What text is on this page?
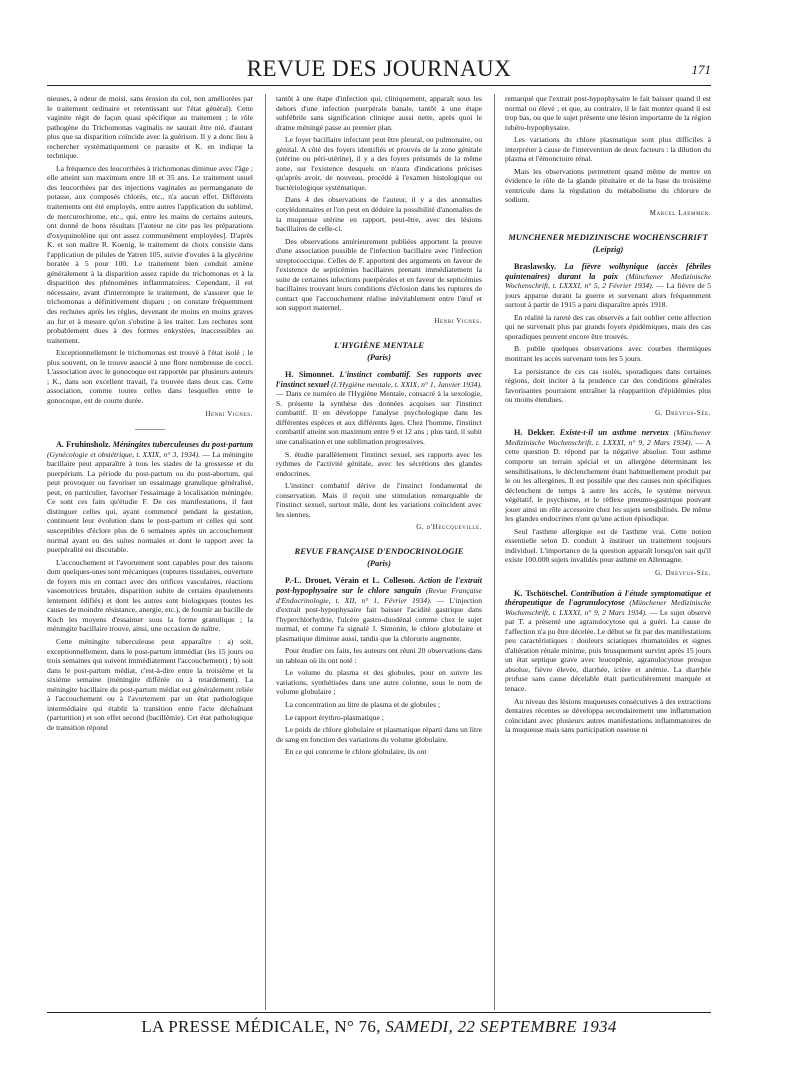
REVUE DES JOURNAUX	171

nieuses, à odeur de moisi, sans érosion du col, non améliorées par le traitement ordinaire et retentissant sur l'état général). Cette vaginite régit de façon quasi spécifique au traitement ; le rôle pathogène du Trichomonas vaginalis ne saurait être nié, d'autant plus que sa disparition coïncide avec la guérison. Il y a donc lieu à rechercher systématiquement ce parasite et K. en indique la technique.

La fréquence des leucorrhées à trichomonas diminue avec l'âge ; elle atteint son maximum entre 18 et 35 ans. Le traitement usuel des leucorrhées par des injections vaginales au permanganate de potasse, aux composés chlorés, etc., n'a aucun effet. Différents traitements ont été employés, entre autres l'application du sublimé, de mercurochrome, etc., qui, entre les mains de certains auteurs, ont donné de bons résultats [l'auteur ne cite pas les préparations d'oxyquinoléine qui ont assez communément employées]. D'après K. et son maître R. Koenig, le traitement de choix consiste dans l'application de pilules de Yatren 105, suivie d'ovules à la glycérine boratée à 5 pour 100. Le traitement bien conduit amène généralement à la disparition assez rapide du trichomonas et à la disparition des phénomènes inflammatoires. Cependant, il est nécessaire, avant d'interrompre le traitement, de s'assurer que le trichomonas a définitivement disparu ; on constate fréquemment des rechutes après les règles, devenant de moins en moins graves au fur et à mesure qu'on s'obstine à les traiter. Les rechutes sont probablement dues à des formes enkystées, inaccessibles au traitement.

Exceptionnellement le trichomonas est trouvé à l'état isolé ; le plus souvent, on le trouve associé à une flore nombreuse de cocci. L'association avec le gonocoque est rapportée par plusieurs auteurs ; K., dans son excellent travail, l'a trouvée dans deux cas. Cette association, comme toutes celles dans lesquelles entre le gonocoque, est de courte durée.

Henri Vignes.

A. Fruhinsholz. Méningites tuberculeuses du post-partum (Gynécologie et obstétrique, t. XXIX, n° 3, 1934). — La méningite bacillaire peut apparaître à tous les stades de la grossesse et du puerpérium. La période du post-partum ou du post-abortum, qui peut provoquer ou favoriser un essaimage granulique généralisé, peut, en particulier, favoriser l'essaimage à localisation méningée. Ce sont ces faits qu'étudie F. De ces manifestations, il faut distinguer celles qui, ayant commencé pendant la gestation, continuent leur évolution dans le post-partum et celles qui sont susceptibles d'éclore plus de 6 semaines après un accouchement normal ayant eu des suites normales et dont le rapport avec la puerpéralité est discutable.

L'accouchement et l'avortement sont capables pour des raisons dont quelques-unes sont mécaniques (ruptures tissulaires, ouverture de foyers mis en contact avec des orifices vasculaires, réactions vasomotrices brutales, disparition subite de certains épaulements lentement édifiés) et dont les autres sont biologiques (toutes les causes de moindre résistance, anergie, etc.), de fournir au bacille de Koch les moyens d'essaimer sous la forme granulique ; la méningite bacillaire trouve, ainsi, une occasion de naître.

Cette méningite tuberculeuse peut apparaître : a) soit, exceptionnellement, dans le post-partum immédiat (les 15 jours ou trois semaines qui suivent immédiatement l'accouchement) ; b) soit dans le post-partum médiat, c'est-à-dire entre la troisième et la sixième semaine (méningite différée ou à retardement). La méningite bacillaire du post-partum médiat est généralement reliée à l'accouchement ou à l'avortement par un état pathologique intermédiaire qui établit la transition entre l'acte déchaînant (parturition) et son effet second (bacillémie). Cet état pathologique de transition répond

tantôt à une étape d'infection qui, cliniquement, apparaît sous les dehors d'une infection puerpérale banale, tantôt à une étape subfébrile sans signification clinique aussi nette, après quoi le drame méningé passe au premier plan.

Le foyer bacillaire infectant peut être pleural, ou pulmonaire, ou génital. A côté des foyers identifiés et prouvés de la zone génitale (utérine ou péri-utérine), il y a des foyers présumés de la même zone, sur l'existence desquels on n'aura d'indications précises qu'après avoir, de nouveau, procédé à l'examen histologique ou bactériologique systématique.

Dans 4 des observations de l'auteur, il y a des anomalies cotylédonnaires et l'on peut en déduire la possibilité d'anomalies de la muqueuse utérine en rapport, peut-être, avec des lésions bacillaires de celle-ci.

Des observations antérieurement publiées apportent la preuve d'une association possible de l'infection bacillaire avec l'infection streptococcique. Celles de F. apportent des arguments en faveur de l'existence de septicémies bacillaires prenant immédiatement la suite de certaines infections puerpérales et en faveur de septicémies bacillaires trouvant leurs conditions d'éclosion dans les ruptures de contact que l'accouchement réalise inévitablement entre l'œuf et son support maternel.

Henri Vignes.
L'HYGIÈNE MENTALE
(Paris)

H. Simonnet. L'instinct combattif. Ses rapports avec l'instinct sexuel (L'Hygiène mentale, t. XXIX, n° 1, Janvier 1934). — Dans ce numéro de l'Hygiène Mentale, consacré à la sexologie, S. présente la synthèse des données acquises sur l'instinct combattif. Il en développe l'analyse psychologique dans les différentes espèces et aux différents âges. Chez l'homme, l'instinct combattif atteint son maximum entre 9 et 12 ans ; plus tard, il subit une canalisation et une sublimation progressives.

S. étudie parallèlement l'instinct sexuel, ses rapports avec les rythmes de l'activité génitale, avec les sécrétions des glandes endocrines.

L'instinct combattif dérive de l'instinct fondamental de conservation. Mais il reçoit une stimulation remarquable de l'instinct sexuel, surtout mâle, dont les variations coïncident avec les siennes.

G. d'Heucqueville.
REVUE FRANÇAISE D'ENDOCRINOLOGIE
(Paris)

P.-L. Drouet, Vérain et L. Colleson. Action de l'extrait post-hypophysaire sur le chlore sanguin (Revue Française d'Endocrinologie, t. XII, n° 1, Février 1934). — L'injection d'extrait post-hypophysaire fait baisser l'acidité gastrique dans l'hyperchlorhydrie, l'ulcère gastro-duodénal comme chez le sujet normal, et comme l'a signalé J. Simonin, le chlore globulaire et plasmatique diminue aussi, tandis que la chlorurie augmente.

Pour étudier ces faits, les auteurs ont réuni 20 observations dans un tableau où ils ont noté :

Le volume du plasma et des globules, pour en suivre les variations, synthétisées dans une autre colonne, sous le nom de volume globulaire ;

La concentration au litre de plasma et de globules ;

Le rapport érythro-plasmatique ;

Le poids de chlore globulaire et plasmatique réparti dans un litre de sang en fonction des variations du volume globulaire.

En ce qui concerne le chlore globulaire, ils ont

remarqué que l'extrait post-hypophysaire le fait baisser quand il est normal ou élevé ; et que, au contraire, il le fait monter quand il est trop bas, ou que le sujet présente une lésion importante de la région tubéro-hypophysaire.

Les variations du chlore plasmatique sont plus difficiles à interpréter à cause de l'intervention de deux facteurs : la dilution du plasma et l'émonctoire rénal.

Mais les observations permettent quand même de mettre en évidence le rôle de la glande pituitaire et de la base du troisième ventricule dans la régulation du métabolisme du chlorure de sodium.

Marcel Laemmer.
MUNCHENER MEDIZINISCHE WOCHENSCHRIFT
(Leipzig)

Braslawsky. La fièvre wolhynique (accès fébriles quintenaires) durant la paix (Münchener Medizinische Wochenschrift, t. LXXXI, n° 5, 2 Février 1934). — La fièvre de 5 jours apparue durant la guerre et survenant alors fréquemment surtout à partir de 1915 a paru disparaître après 1918.

En réalité la rareté des cas observés a fait oublier cette affection qui ne survenait plus par grands foyers épidémiques, mais des cas sporadiques peuvent encore être trouvés.

B. publie quelques observations avec courbes thermiques montrant les accès survenant tous les 5 jours.

La persistance de ces cas isolés, sporadiques dans certaines régions, doit inciter à la prudence car des conditions générales favorisantes pourraient entraîner la réapparition d'épidémies plus ou moins étendues.

G. Dreyfus-Sée.

H. Dekker. Existe-t-il un asthme nerveux (Münchener Medizinische Wochenschrift, t. LXXXI, n° 9, 2 Mars 1934). — A cette question D. répond par la négative absolue. Tout asthme comporte un terrain spécial et un allergène déterminant les sensibilisations, le déclenchement étant habituellement produit par le ou les allergènes. Il est possible que des causes non spécifiques déclenchent de temps à autre les accès, le système nerveux végétatif, le psychisme, et le réflexe pneumo-gastrique pouvant jouer ainsi un rôle accessoire chez les sujets sensibilisés. De même les glandes endocrines n'ont qu'une action épisodique.

Seul l'asthme allergique est de l'asthme vrai. Cette notion essentielle selon D. conduit à instituer un traitement toujours individuel. L'importance de la question apparaît lorsqu'on sait qu'il existe 100.000 sujets invalidés pour asthme en Allemagne.

G. Dreyfus-Sée.

K. Tschötschel. Contribution à l'étude symptomatique et thérapeutique de l'agranulocytose (Münchener Medizinische Wochenschrift, t. LXXXI, n° 9, 2 Mars 1934). — Le sujet observé par T. a présenté une agranulocytose qui a guéri. La cause de l'affection n'a pu être décelée. Le début se fit par des manifestations peu caractéristiques : douleurs sciatiques rhumatoïdes et signes d'altération rénale minime, puis brusquement survint après 15 jours un état septique grave avec leucopénie, agranulocytose presque absolue, fièvre élevée, diarrhée, ictère et anémie. La diarrhée profuse sans cause décelable était particulièrement marquée et tenace.

Au niveau des lésions muqueuses consécutives à des extractions dentaires récentes se développa secondairement une inflammation coïncidant avec plusieurs autres manifestations inflammatoires de la muqueuse mais sans participation osseuse ni

LA PRESSE MÉDICALE, N° 76, SAMEDI, 22 SEPTEMBRE 1934
